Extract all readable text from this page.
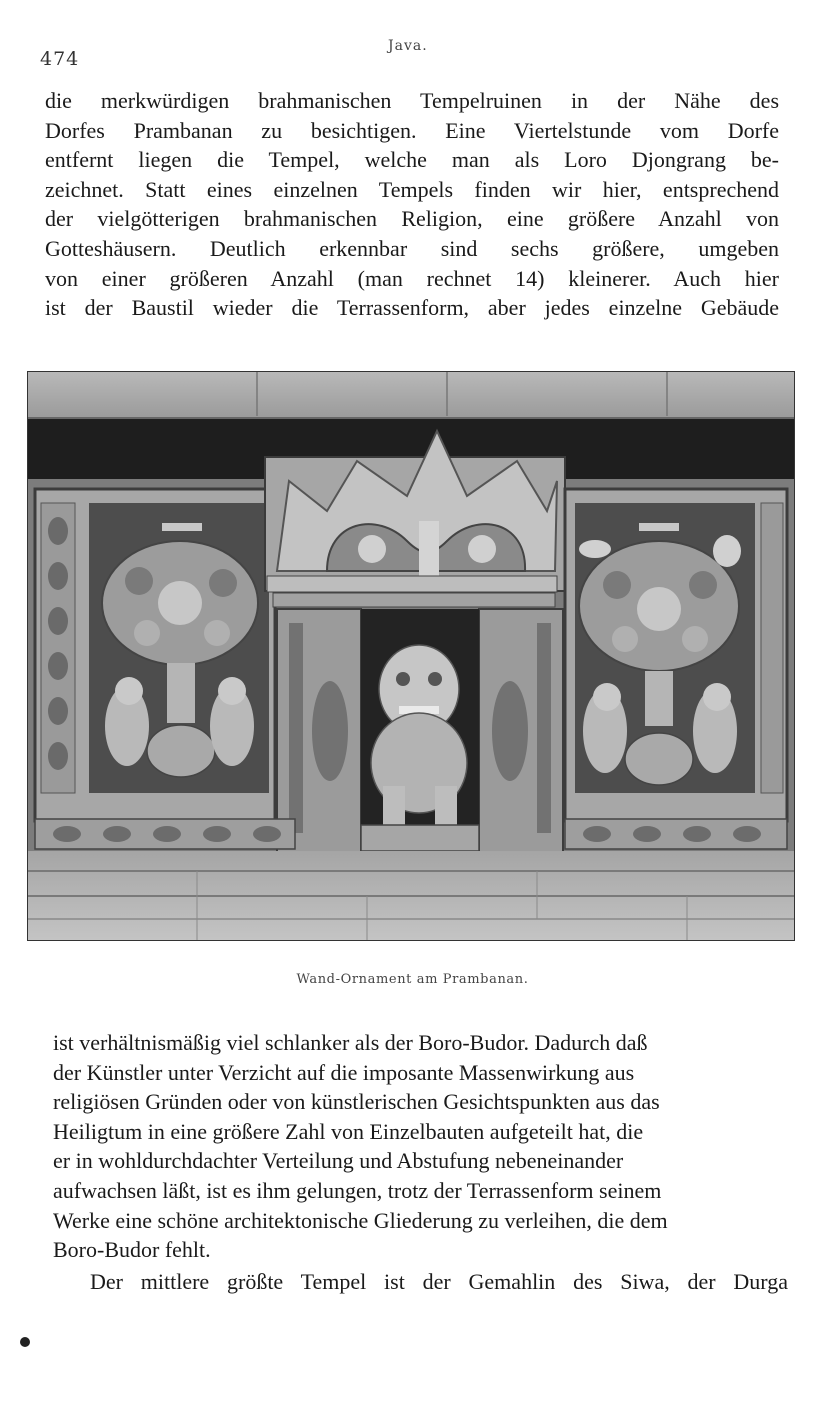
474
Java.
die merkwürdigen brahmanischen Tempelruinen in der Nähe des
Dorfes Prambanan zu besichtigen. Eine Viertelstunde vom Dorfe
entfernt liegen die Tempel, welche man als Loro Djongrang be-
zeichnet. Statt eines einzelnen Tempels finden wir hier, entsprechend
der vielgötterigen brahmanischen Religion, eine größere Anzahl von
Gotteshäusern. Deutlich erkennbar sind sechs größere, umgeben
von einer größeren Anzahl (man rechnet 14) kleinerer. Auch hier
ist der Baustil wieder die Terrassenform, aber jedes einzelne Gebäude
Wand-Ornament am Prambanan.
ist verhältnismäßig viel schlanker als der Boro-Budor. Dadurch daß
der Künstler unter Verzicht auf die imposante Massenwirkung aus
religiösen Gründen oder von künstlerischen Gesichtspunkten aus das
Heiligtum in eine größere Zahl von Einzelbauten aufgeteilt hat, die
er in wohldurchdachter Verteilung und Abstufung nebeneinander
aufwachsen läßt, ist es ihm gelungen, trotz der Terrassenform seinem
Werke eine schöne architektonische Gliederung zu verleihen, die dem
Boro-Budor fehlt.
Der mittlere größte Tempel ist der Gemahlin des Siwa, der Durga
